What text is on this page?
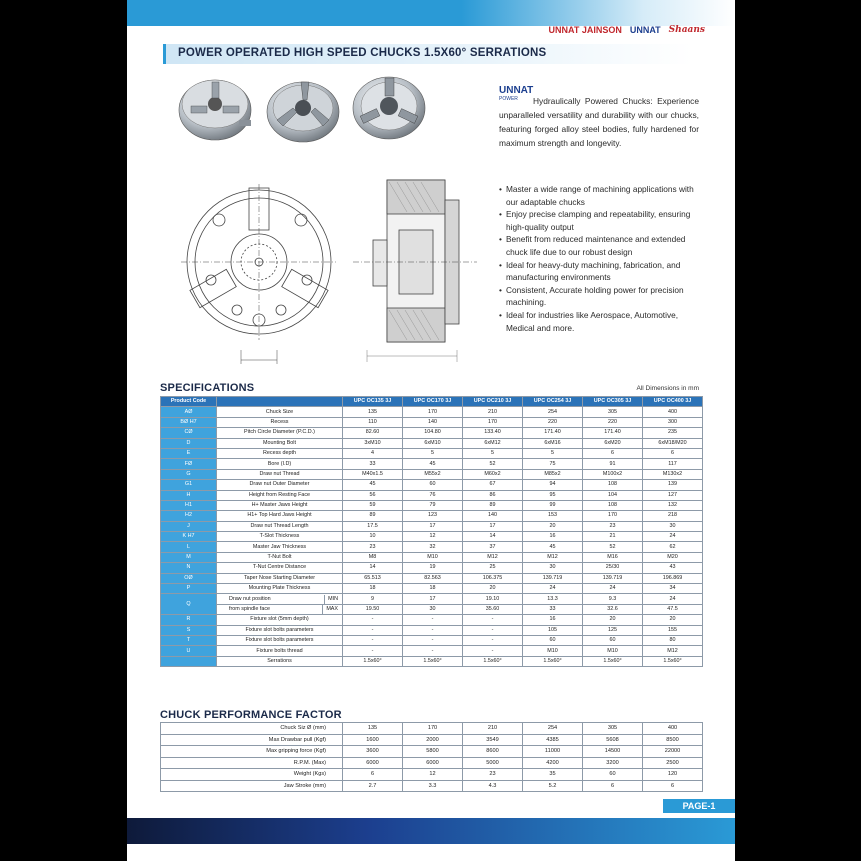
UNNAT JAINSON UNNAT Shaans
POWER OPERATED HIGH SPEED CHUCKS 1.5X60° SERRATIONS
UNNAT
POWER	Hydraulically Powered Chucks: Experience unparalleled versatility and durability with our chucks, featuring forged alloy steel bodies, fully hardened for maximum strength and longevity.

• Master a wide range of machining applications with our adaptable chucks
• Enjoy precise clamping and repeatability, ensuring high-quality output
• Benefit from reduced maintenance and extended chuck life due to our robust design
• Ideal for heavy-duty machining, fabrication, and manufacturing environments
• Consistent, Accurate holding power for precision machining.
• Ideal for industries like Aerospace, Automotive, Medical and more.
SPECIFICATIONS	All Dimensions in mm
Product Code		UPC OC135 3J	UPC OC170 3J	UPC OC210 3J	UPC OC254 3J	UPC OC305 3J	UPC OC400 3J
AØ	Chuck Size	135	170	210	254	305	400
BØ H7	Recess	110	140	170	220	220	300
CØ	Pitch Circle Diameter (P.C.D.)	82.60	104.80	133.40	171.40	171.40	235
D	Mounting Bolt	3xM10	6xM10	6xM12	6xM16	6xM20	6xM18/M20
E	Recess depth	4	5	5	5	6	6
FØ	Bore (I.D)	33	45	52	75	91	117
G	Draw nut Thread	M40x1.5	M55x2	M60x2	M85x2	M100x2	M130x2
G1	Draw nut Outer Diameter	45	60	67	94	108	139
H	Height from Resting Face	56	76	86	95	104	127
H1	H+ Master Jaws Height	59	79	89	99	108	132
H2	H1+ Top Hard Jaws Height	89	123	140	153	170	218
J	Draw nut Thread Length	17.5	17	17	20	23	30
K H7	T-Slot Thickness	10	12	14	16	21	24
L	Master Jaw Thickness	23	32	37	45	52	62
M	T-Nut Bolt	M8	M10	M12	M12	M16	M20
N	T-Nut Centre Distance	14	19	25	30	25/30	43
OØ	Taper Nose Starting Diameter	65.513	82.563	106.375	139.719	139.719	196.869
P	Mounting Plate Thickness	18	18	20	24	24	34
Q	Draw nut position MIN	9	17	19.10	13.3	9.3	24
	from spindle face MAX	19.50	30	35.60	33	32.6	47.5
R	Fixture slot (5mm depth)	-	-	-	16	20	20
S	Fixture slot bolts parameters	-	-	-	105	125	155
T	Fixture slot bolts parameters	-	-	-	60	60	80
U	Fixture bolts thread	-	-	-	M10	M10	M12
	Serrations	1.5x60°	1.5x60°	1.5x60°	1.5x60°	1.5x60°	1.5x60°
CHUCK PERFORMANCE FACTOR
Chuck Siz Ø (mm)	135	170	210	254	305	400
Max Drawbar pull (Kgf)	1600	2000	3549	4385	5608	8500
Max gripping force (Kgf)	3600	5800	8600	11000	14500	22000
R.P.M. (Max)	6000	6000	5000	4200	3200	2500
Weight (Kgs)	6	12	23	35	60	120
Jaw Stroke (mm)	2.7	3.3	4.3	5.2	6	6
PAGE-1
